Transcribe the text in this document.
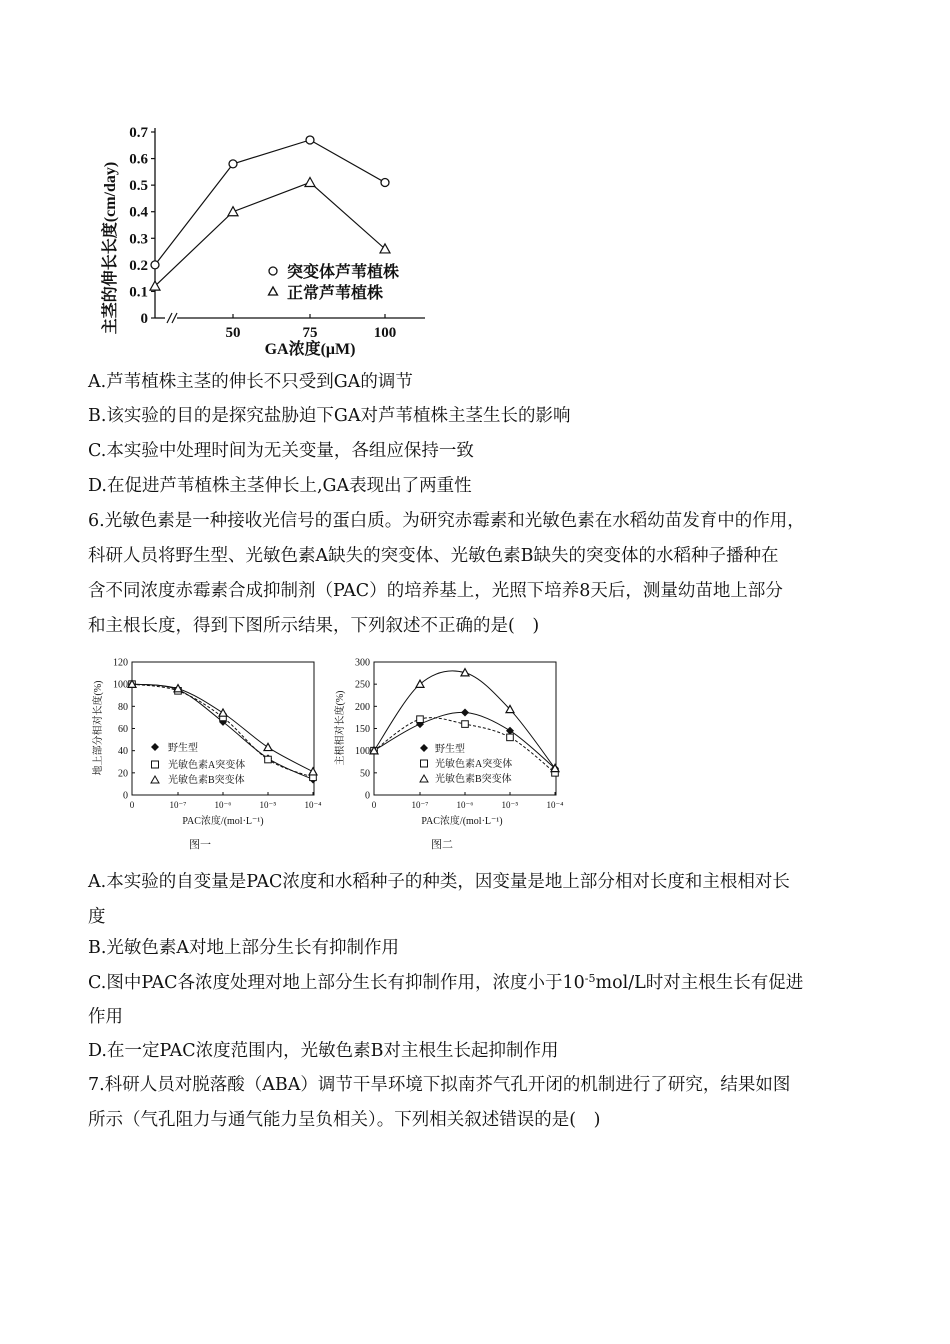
0
0.1
0.2
0.3
0.4
0.5
0.6
0.7
50	75	100
GA浓度(μM)
主茎的伸长长度(cm/day)	突变体芦苇植株
正常芦苇植株
A.芦苇植株主茎的伸长不只受到GA的调节
B.该实验的目的是探究盐胁迫下GA对芦苇植株主茎生长的影响
C.本实验中处理时间为无关变量，各组应保持一致
D.在促进芦苇植株主茎伸长上,GA表现出了两重性
6.光敏色素是一种接收光信号的蛋白质。为研究赤霉素和光敏色素在水稻幼苗发育中的作用，
科研人员将野生型、光敏色素A缺失的突变体、光敏色素B缺失的突变体的水稻种子播种在
含不同浓度赤霉素合成抑制剂（PAC）的培养基上，光照下培养8天后，测量幼苗地上部分
和主根长度，得到下图所示结果，下列叙述不正确的是(　)
0
20
40
60
80
100
120
0	10⁻⁷	10⁻⁶	10⁻⁵	10⁻⁴
PAC浓度/(mol·L⁻¹)
地上部分相对长度(%)
图一
野生型
光敏色素A突变体
光敏色素B突变体
0
50
100
150
200
250
300
0	10⁻⁷	10⁻⁶	10⁻⁵	10⁻⁴
PAC浓度/(mol·L⁻¹)
主根相对长度(%)
图二
野生型
光敏色素A突变体
光敏色素B突变体
A.本实验的自变量是PAC浓度和水稻种子的种类，因变量是地上部分相对长度和主根相对长
度
B.光敏色素A对地上部分生长有抑制作用
C.图中PAC各浓度处理对地上部分生长有抑制作用，浓度小于$10^{-5}mol/L$时对主根生长有促进
作用
D.在一定PAC浓度范围内，光敏色素B对主根生长起抑制作用
7.科研人员对脱落酸（ABA）调节干旱环境下拟南芥气孔开闭的机制进行了研究，结果如图
所示（气孔阻力与通气能力呈负相关）。下列相关叙述错误的是(　)
